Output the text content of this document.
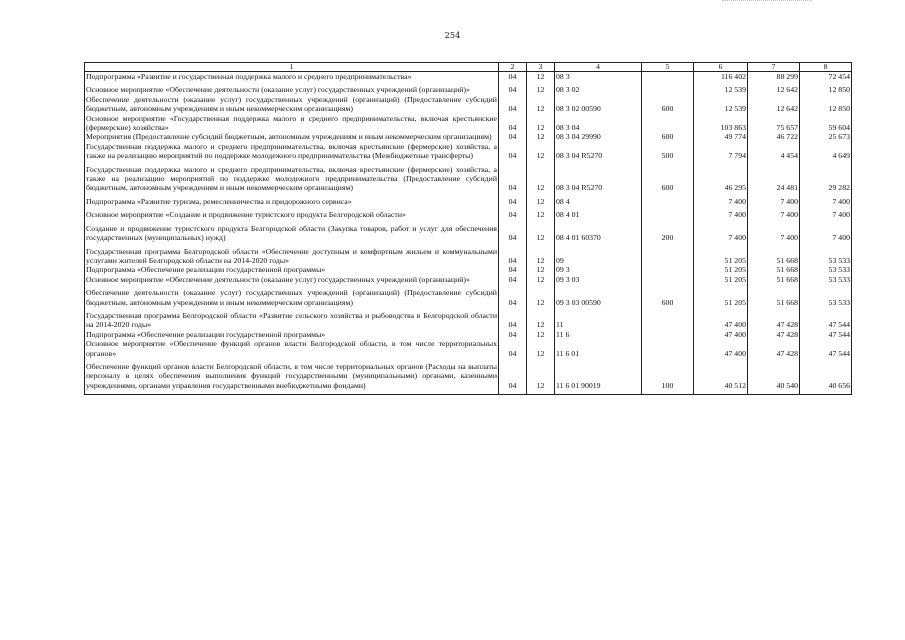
254
1	2	3	4	5	6	7	8
Подпрограмма «Развитие и государственная поддержка малого и среднего предпринимательства»	04	12	08 3		116 402	88 299	72 454
Основное мероприятие «Обеспечение деятельности (оказание услуг) государственных учреждений (организаций)»	04	12	08 3 02		12 539	12 642	12 850
Обеспечение деятельности (оказание услуг) государственных учреждений (организаций) (Предоставление субсидий бюджетным, автономным учреждениям и иным некоммерческим организациям)	04	12	08 3 02 00590	600	12 539	12 642	12 850
Основное мероприятие «Государственная поддержка малого и среднего предпринимательства, включая крестьянские (фермерские) хозяйства»	04	12	08 3 04		103 863	75 657	59 604
Мероприятия (Предоставление субсидий бюджетным, автономным учреждениям и иным некоммерческим организациям)	04	12	08 3 04 29990	600	49 774	46 722	25 673
Государственная поддержка малого и среднего предпринимательства, включая крестьянские (фермерские) хозяйства, а также на реализацию мероприятий по поддержке молодежного предпринимательства (Межбюджетные трансферты)	04	12	08 3 04 R5270	500	7 794	4 454	4 649
Государственная поддержка малого и среднего предпринимательства, включая крестьянские (фермерские) хозяйства, а также на реализацию мероприятий по поддержке молодежного предпринимательства (Предоставление субсидий бюджетным, автономным учреждениям и иным некоммерческим организациям)	04	12	08 3 04 R5270	600	46 295	24 481	29 282
Подпрограмма «Развитие туризма, ремесленничества и придорожного сервиса»	04	12	08 4		7 400	7 400	7 400
Основное мероприятие «Создание и продвижение туристского продукта Белгородской области»	04	12	08 4 01		7 400	7 400	7 400
Создание и продвижение туристского продукта Белгородской области (Закупка товаров, работ и услуг для обеспечения государственных (муниципальных) нужд)	04	12	08 4 01 60370	200	7 400	7 400	7 400
Государственная программа Белгородской области «Обеспечение доступным и комфортным жильем и коммунальными услугами жителей Белгородской области на 2014-2020 годы»	04	12	09		51 205	51 668	53 533
Подпрограмма «Обеспечение реализации государственной программы»	04	12	09 3		51 205	51 668	53 533
Основное мероприятие «Обеспечение деятельности (оказание услуг) государственных учреждений (организаций)»	04	12	09 3 03		51 205	51 668	53 533
Обеспечение деятельности (оказание услуг) государственных учреждений (организаций) (Предоставление субсидий бюджетным, автономным учреждениям и иным некоммерческим организациям)	04	12	09 3 03 00590	600	51 205	51 668	53 533
Государственная программа Белгородской области «Развитие сельского хозяйства и рыбоводства в Белгородской области на 2014-2020 годы»	04	12	11		47 400	47 428	47 544
Подпрограмма «Обеспечение реализации государственной программы»	04	12	11 6		47 400	47 428	47 544
Основное мероприятие «Обеспечение функций органов власти Белгородской области, в том числе территориальных органов»	04	12	11 6 01		47 400	47 428	47 544
Обеспечение функций органов власти Белгородской области, в том числе территориальных органов (Расходы на выплаты персоналу в целях обеспечения выполнения функций государственными (муниципальными) органами, казенными учреждениями, органами управления государственными внебюджетными фондами)	04	12	11 6 01 90019	100	40 512	40 540	40 656
